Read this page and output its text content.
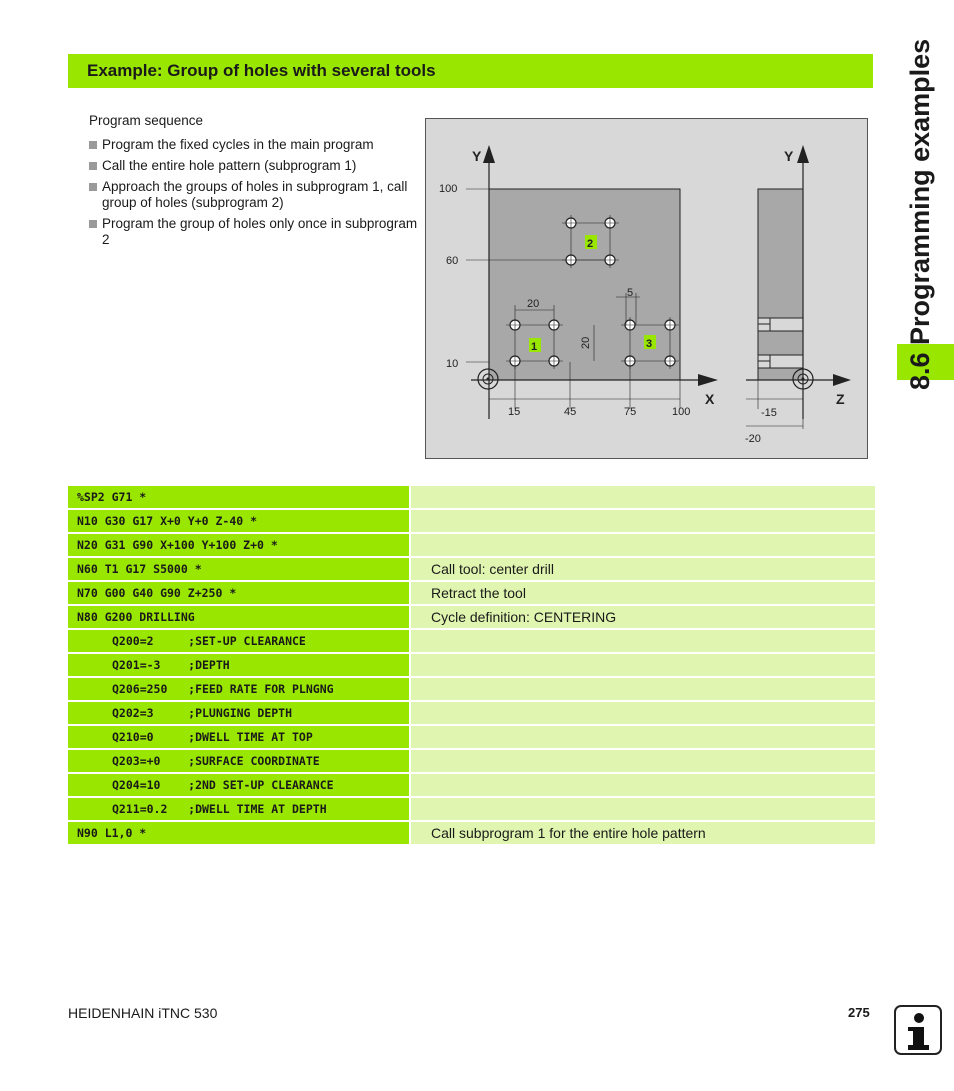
Example: Group of holes with several tools	8.6 Programming examples
Program sequence
Program the fixed cycles in the main program
Call the entire hole pattern (subprogram 1)
Approach the groups of holes in subprogram 1, call group of holes (subprogram 2)
Program the group of holes only once in subprogram 2
Y	Y
X	Z
100
60
10
15	45	75	100
20
20
5
-15
-20
1
2
3
%SP2 G71 *
N10 G30 G17 X+0 Y+0 Z-40 *
N20 G31 G90 X+100 Y+100 Z+0 *
N60 T1 G17 S5000 *	Call tool: center drill
N70 G00 G40 G90 Z+250 *	Retract the tool
N80 G200 DRILLING	Cycle definition: CENTERING
Q200=2     ;SET-UP CLEARANCE
Q201=-3    ;DEPTH
Q206=250   ;FEED RATE FOR PLNGNG
Q202=3     ;PLUNGING DEPTH
Q210=0     ;DWELL TIME AT TOP
Q203=+0    ;SURFACE COORDINATE
Q204=10    ;2ND SET-UP CLEARANCE
Q211=0.2   ;DWELL TIME AT DEPTH
N90 L1,0 *	Call subprogram 1 for the entire hole pattern
HEIDENHAIN iTNC 530	275
